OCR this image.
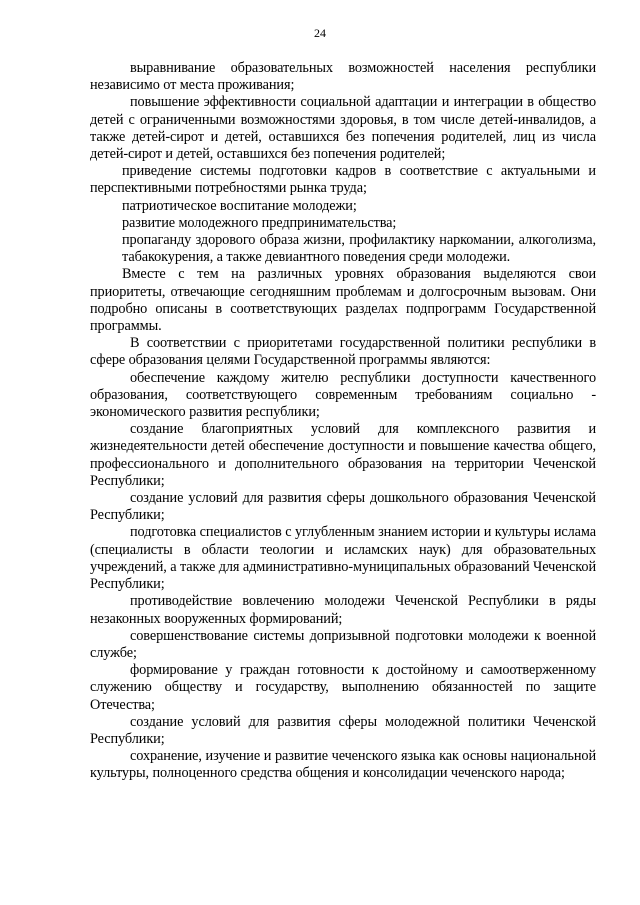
24

выравнивание образовательных возможностей населения республики независимо от места проживания;

повышение эффективности социальной адаптации и интеграции в общество детей с ограниченными возможностями здоровья, в том числе детей-инвалидов, а также детей-сирот и детей, оставшихся без попечения родителей, лиц из числа детей-сирот и детей, оставшихся без попечения родителей;

приведение системы подготовки кадров в соответствие с актуальными и перспективными потребностями рынка труда;

патриотическое воспитание молодежи;

развитие молодежного предпринимательства;

пропаганду здорового образа жизни, профилактику наркомании, алкоголизма, табакокурения, а также девиантного поведения среди молодежи.

Вместе с тем на различных уровнях образования выделяются свои приоритеты, отвечающие сегодняшним проблемам и долгосрочным вызовам. Они подробно описаны в соответствующих разделах подпрограмм Государственной программы.

В соответствии с приоритетами государственной политики республики в сфере образования целями Государственной программы являются:

обеспечение каждому жителю республики доступности качественного образования, соответствующего современным требованиям социально - экономического развития республики;

создание благоприятных условий для комплексного развития и жизнедеятельности детей обеспечение доступности и повышение качества общего, профессионального и дополнительного образования на территории Чеченской Республики;

создание условий для развития сферы дошкольного образования Чеченской Республики;

подготовка специалистов с углубленным знанием истории и культуры ислама (специалисты в области теологии и исламских наук) для образовательных учреждений, а также для административно-муниципальных образований Чеченской Республики;

противодействие вовлечению молодежи Чеченской Республики в ряды незаконных вооруженных формирований;

совершенствование системы допризывной подготовки молодежи к военной службе;

формирование у граждан готовности к достойному и самоотверженному служению обществу и государству, выполнению обязанностей по защите Отечества;

создание условий для развития сферы молодежной политики Чеченской Республики;

сохранение, изучение и развитие чеченского языка как основы национальной культуры, полноценного средства общения и консолидации чеченского народа;
